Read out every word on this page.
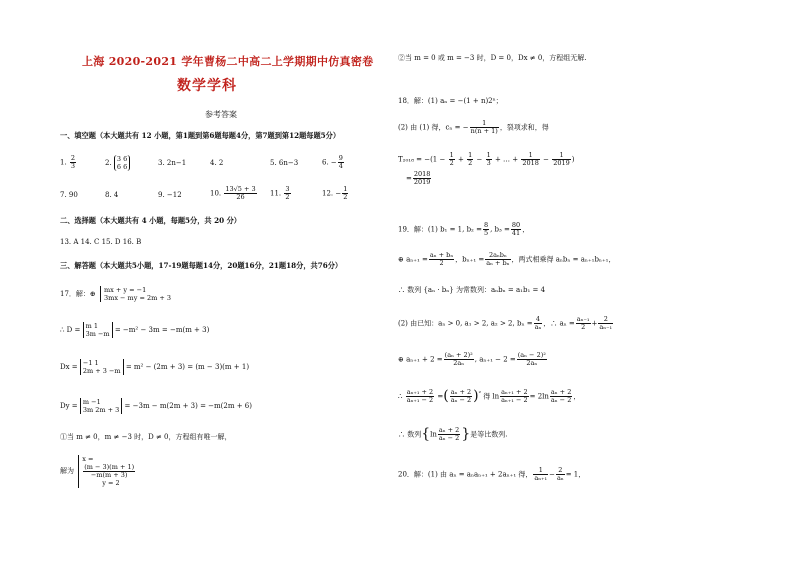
上海 2020-2021 学年曹杨二中高二上学期期中仿真密卷
数学学科
参考答案
一、填空题（本大题共有 12 小题，第1题到第6题每题4分，第7题到第12题每题5分）
1. $\frac{2}{3}$	2. 3 6
6 6	3. 2n−1	4. 2	5. 6n−3	6. − $\frac{9}{4}$
7. 90	8. 4	9. −12	10. $\frac{13√5 + 3}{26} 11$. $\frac{3}{2}$	12. − $\frac{1}{2}$
二、选择题（本大题共有 4 小题，每题5分，共 20 分）
13. A 14. C 15. D 16. B
三、解答题（本大题共5小题，17-19题每题14分，20题16分，21题18分，共76分）
17．解：⊕ mx + y = −1
3mx − my = 2m + 3
∴ D = m 1
3m −m = −m² − 3m = −m(m + 3)
Dx = −1 1
2m + 3 −m = m² − (2m + 3) = (m − 3)(m + 1)
Dy = m −1
3m 2m + 3 = −3m − m(2m + 3) = −m(2m + 6)
①当 m ≠ 0，m ≠ −3 时，D ≠ 0，方程组有唯一解，
解为
x =
(m − 3)(m + 1)
−m(m + 3)
y = 2
②当 m = 0 或 m = −3 时，D = 0，Dx ≠ 0，方程组无解.
18．解：(1) aₙ = −(1 + n)2ⁿ；
(2) 由 (1) 得，cₙ = − $\frac{1}{n(n + 1)}$ ，裂项求和，得
$T_{2018} = -(1 - \frac{1}{2} + \frac{1}{2} - \frac{1}{3}$ + … + $\frac{1}{2018} - \frac{1}{2019}$ )
= $\frac{2018}{2019}$
19．解：(1) b₁ = 1, $b_2 = \frac{8}{5}$ , $b_3 = \frac{80}{41}$ ，
⊕ $a_{n+1} = \frac{\text{aₙ + bₙ}}{2}$ ，$b_{n+1} = \frac{\text{2aₙbₙ}}{\text{aₙ + bₙ}}$ ，两式相乘得 aₙbₙ = aₙ₊₁bₙ₊₁，
∴ 数列 {aₙ · bₙ} 为常数列：aₙbₙ = a₁b₁ = 4
(2) 由已知：aₙ > 0, a₁ > 2, a₂ > 2, $b_n = \frac{4}{\text{aₙ}}$ ，∴ $a_n = \frac{\text{aₙ₋₁}}{2} + \frac{2}{\text{aₙ₋₁}}$
⊕ $a_{n+1} + 2 = \frac{\text{(aₙ + 2)²}}{\text{2aₙ}}$ , $a_{n+1} - 2 = \frac{\text{(aₙ − 2)²}}{\text{2aₙ}}$
∴ $\frac{\text{aₙ₊₁ + 2}}{\text{aₙ₊₁ − 2}}$ =( $\frac{\text{aₙ + 2}}{\text{aₙ − 2}} )^{^2}$ 得 $\ln \frac{\text{aₙ₊₁ + 2}}{\text{aₙ₊₁ − 2}} = 2\ln \frac{\text{aₙ + 2}}{\text{aₙ − 2}}$ ，
∴ 数列{$\ln \frac{\text{aₙ + 2}}{\text{aₙ − 2}}$ }是等比数列.
20．解：(1) 由 aₙ = aₙaₙ₊₁ + 2aₙ₊₁ 得， $\frac{1}{\text{aₙ₊₁}} - \frac{2}{\text{aₙ}} = 1$，
